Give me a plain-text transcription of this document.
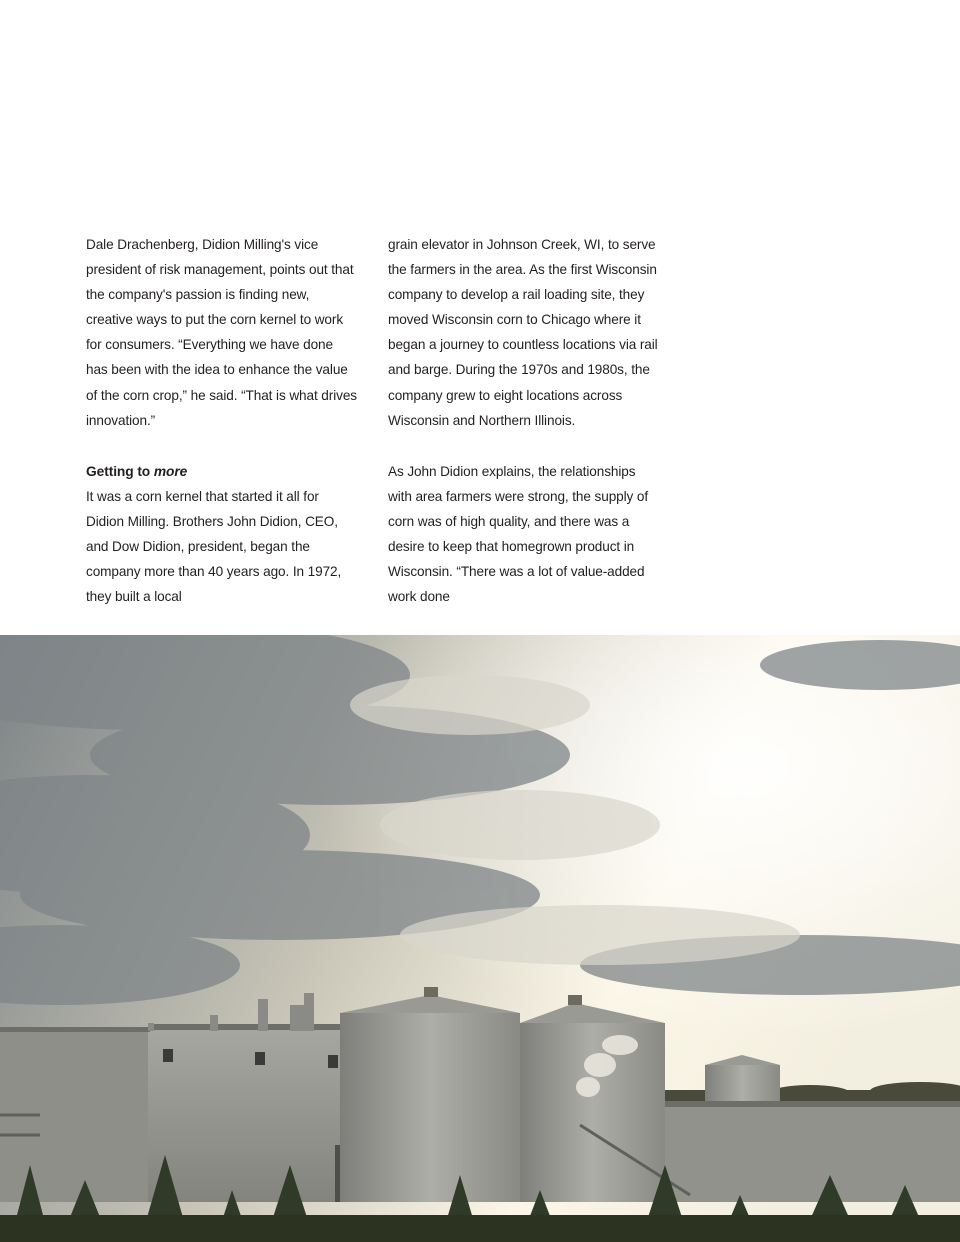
Dale Drachenberg, Didion Milling's vice president of risk management, points out that the company's passion is finding new, creative ways to put the corn kernel to work for consumers. “Everything we have done has been with the idea to enhance the value of the corn crop,” he said. “That is what drives innovation.”

Getting to more

It was a corn kernel that started it all for Didion Milling. Brothers John Didion, CEO, and Dow Didion, president, began the company more than 40 years ago. In 1972, they built a local

grain elevator in Johnson Creek, WI, to serve the farmers in the area. As the first Wisconsin company to develop a rail loading site, they moved Wisconsin corn to Chicago where it began a journey to countless locations via rail and barge. During the 1970s and 1980s, the company grew to eight locations across Wisconsin and Northern Illinois.

As John Didion explains, the relationships with area farmers were strong, the supply of corn was of high quality, and there was a desire to keep that homegrown product in Wisconsin. “There was a lot of value-added work done
